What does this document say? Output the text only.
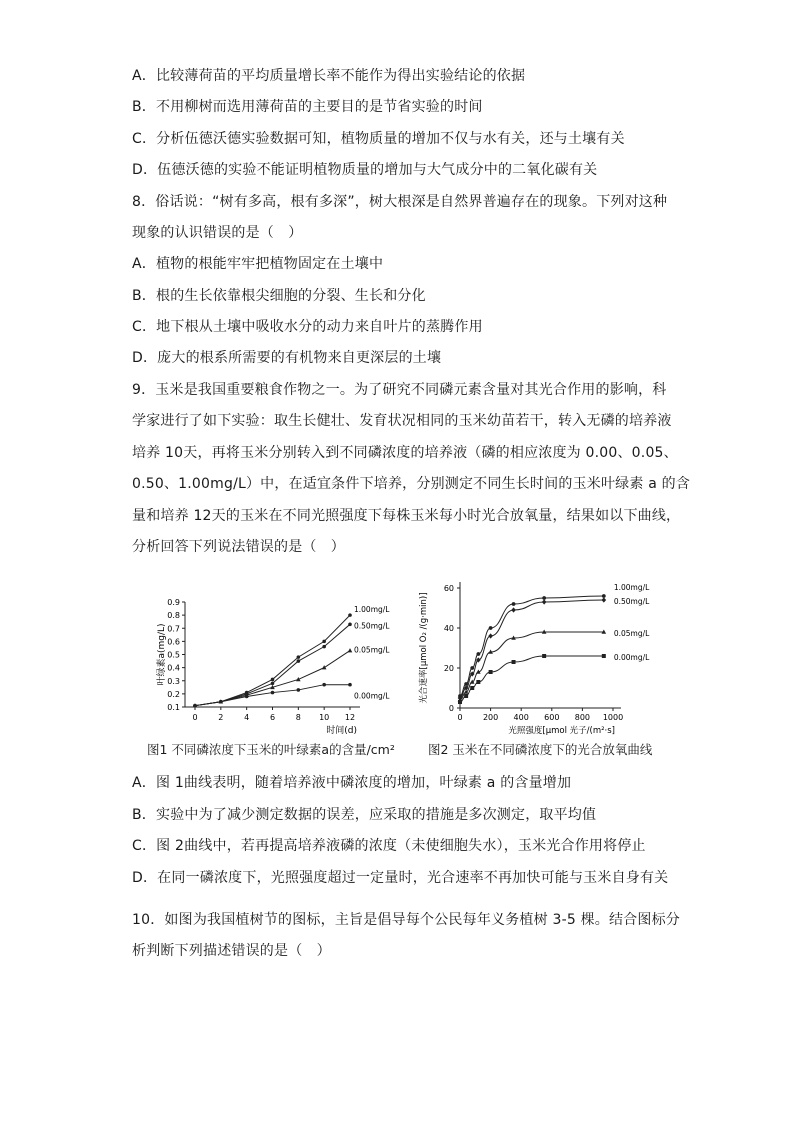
A．比较薄荷苗的平均质量增长率不能作为得出实验结论的依据
B．不用柳树而选用薄荷苗的主要目的是节省实验的时间
C．分析伍德沃德实验数据可知，植物质量的增加不仅与水有关，还与土壤有关
D．伍德沃德的实验不能证明植物质量的增加与大气成分中的二氧化碳有关
8．俗话说：“树有多高，根有多深”，树大根深是自然界普遍存在的现象。下列对这种
现象的认识错误的是（　）
A．植物的根能牢牢把植物固定在土壤中
B．根的生长依靠根尖细胞的分裂、生长和分化
C．地下根从土壤中吸收水分的动力来自叶片的蒸腾作用
D．庞大的根系所需要的有机物来自更深层的土壤
9．玉米是我国重要粮食作物之一。为了研究不同磷元素含量对其光合作用的影响，科
学家进行了如下实验：取生长健壮、发育状况相同的玉米幼苗若干，转入无磷的培养液
培养 10天，再将玉米分别转入到不同磷浓度的培养液（磷的相应浓度为 0.00、0.05、
0.50、1.00mg/L）中，在适宜条件下培养，分别测定不同生长时间的玉米叶绿素 a 的含
量和培养 12天的玉米在不同光照强度下每株玉米每小时光合放氧量，结果如以下曲线，
分析回答下列说法错误的是（　）
0.1
0.2
0.3
0.4
0.5
0.6
0.7
0.8
0.9
0	2	4	6	8 10 12
时间(d)
叶绿素a(mg/L)
1.00mg/L
0.50mg/L
0.05mg/L
0.00mg/L
图1 不同磷浓度下玉米的叶绿素a的含量/cm²
0
20
40
60
0	200 400 600 800 1000
光照强度[μmol 光子/(m²·s]
光合速率[μmol O₂ /(g·min)]
1.00mg/L
0.50mg/L
0.05mg/L
0.00mg/L
图2 玉米在不同磷浓度下的光合放氧曲线
A．图 1曲线表明，随着培养液中磷浓度的增加，叶绿素 a 的含量增加
B．实验中为了减少测定数据的误差，应采取的措施是多次测定，取平均值
C．图 2曲线中，若再提高培养液磷的浓度（未使细胞失水），玉米光合作用将停止
D．在同一磷浓度下，光照强度超过一定量时，光合速率不再加快可能与玉米自身有关
10．如图为我国植树节的图标，主旨是倡导每个公民每年义务植树 3-5 棵。结合图标分
析判断下列描述错误的是（　）
